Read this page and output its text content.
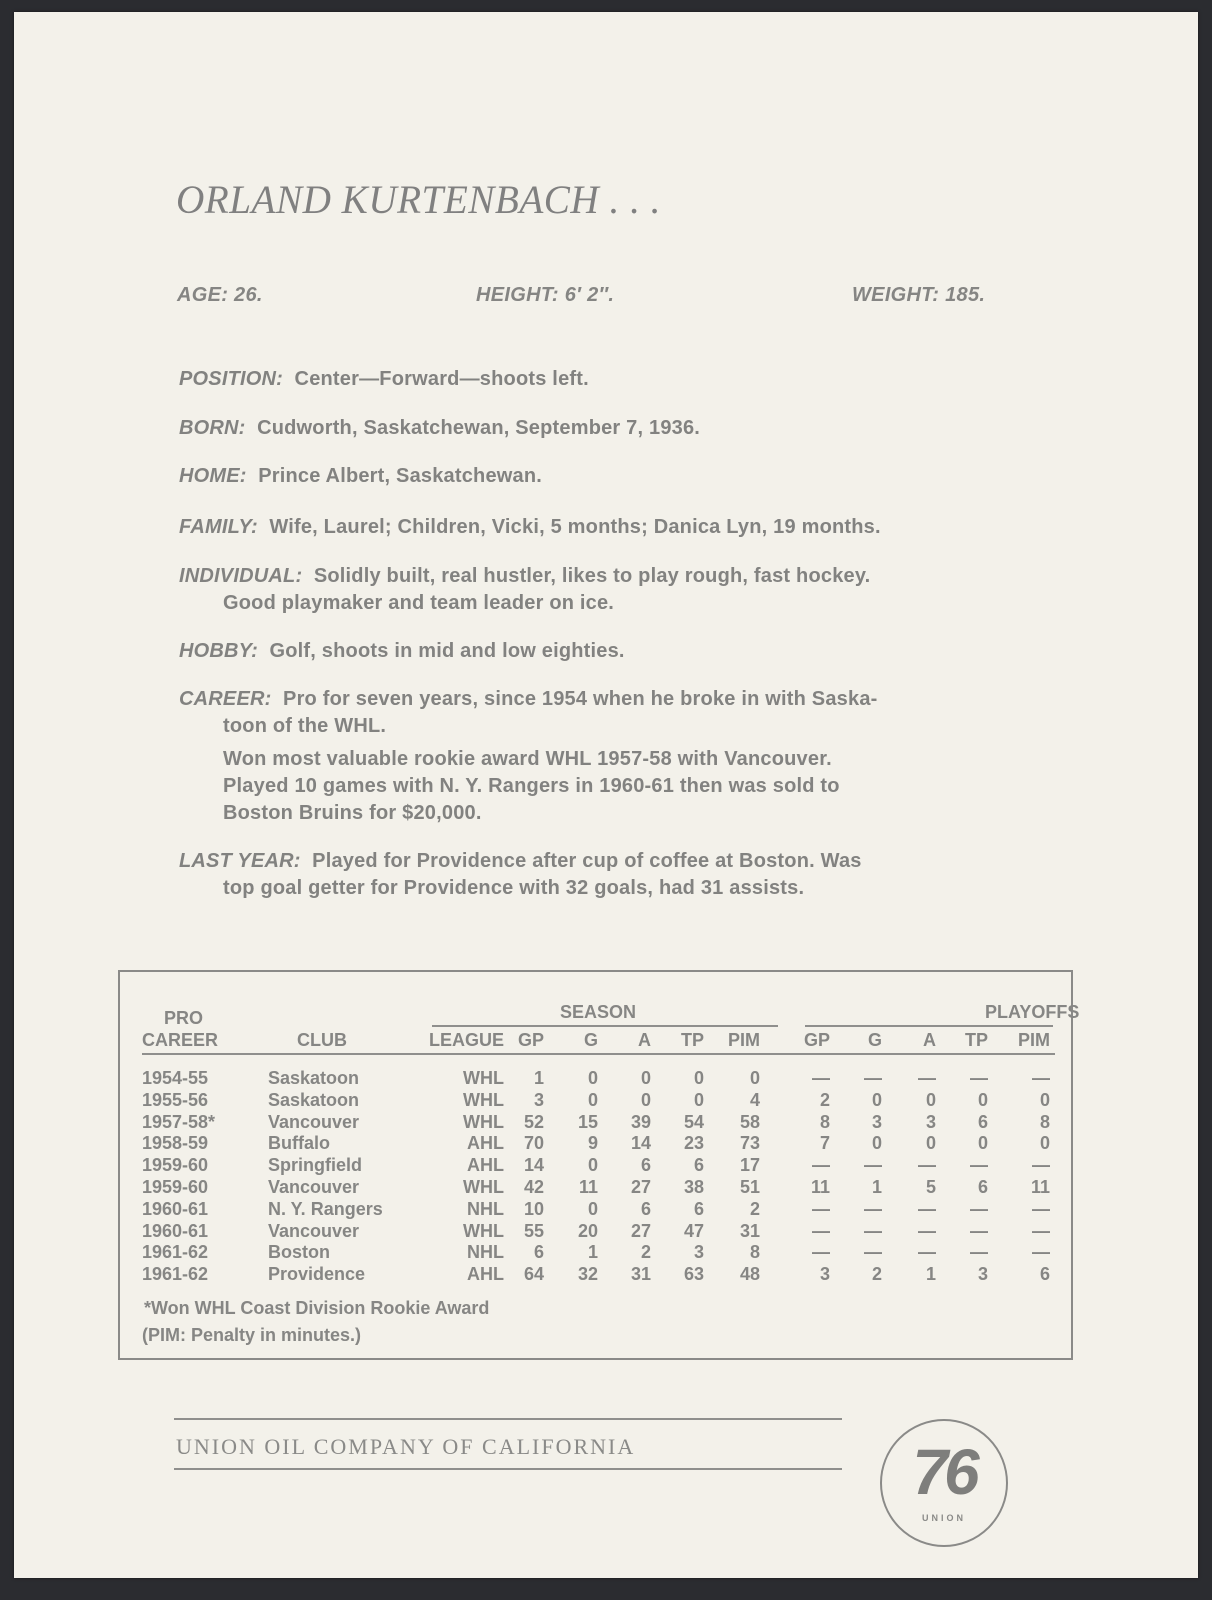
ORLAND KURTENBACH . . .
AGE: 26.	HEIGHT: 6′ 2″.	WEIGHT: 185.
POSITION: Center—Forward—shoots left.
BORN: Cudworth, Saskatchewan, September 7, 1936.
HOME: Prince Albert, Saskatchewan.
FAMILY: Wife, Laurel; Children, Vicki, 5 months; Danica Lyn, 19 months.
INDIVIDUAL: Solidly built, real hustler, likes to play rough, fast hockey.
Good playmaker and team leader on ice.
HOBBY: Golf, shoots in mid and low eighties.
CAREER: Pro for seven years, since 1954 when he broke in with Saska-
toon of the WHL.
Won most valuable rookie award WHL 1957-58 with Vancouver.
Played 10 games with N. Y. Rangers in 1960-61 then was sold to
Boston Bruins for $20,000.
LAST YEAR: Played for Providence after cup of coffee at Boston. Was
top goal getter for Providence with 32 goals, had 31 assists.
PRO
CAREER	CLUB
SEASON	PLAYOFFS
LEAGUE GP G A TP PIM GP G A TP PIM
1954-55	Saskatoon	WHL 1 0 0 0	0	— — — — —
1955-56	Saskatoon	WHL 3 0 0 0	4	2 0 0 0	0
1957-58*	Vancouver	WHL 52 15 39 54 58	8 3 3 6	8
1958-59	Buffalo	AHL 70 9 14 23 73	7 0 0 0	0
1959-60	Springfield	AHL 14 0 6 6 17	— — — — —
1959-60	Vancouver	WHL 42 11 27 38 51	11 1 5 6 11
1960-61	N. Y. Rangers	NHL 10 0 6 6	2	— — — — —
1960-61	Vancouver	WHL 55 20 27 47 31	— — — — —
1961-62	Boston	NHL 6 1 2 3	8	— — — — —
1961-62	Providence	AHL 64 32 31 63 48	3 2 1 3	6
*Won WHL Coast Division Rookie Award
(PIM: Penalty in minutes.)
UNION OIL COMPANY OF CALIFORNIA	76
UNION
